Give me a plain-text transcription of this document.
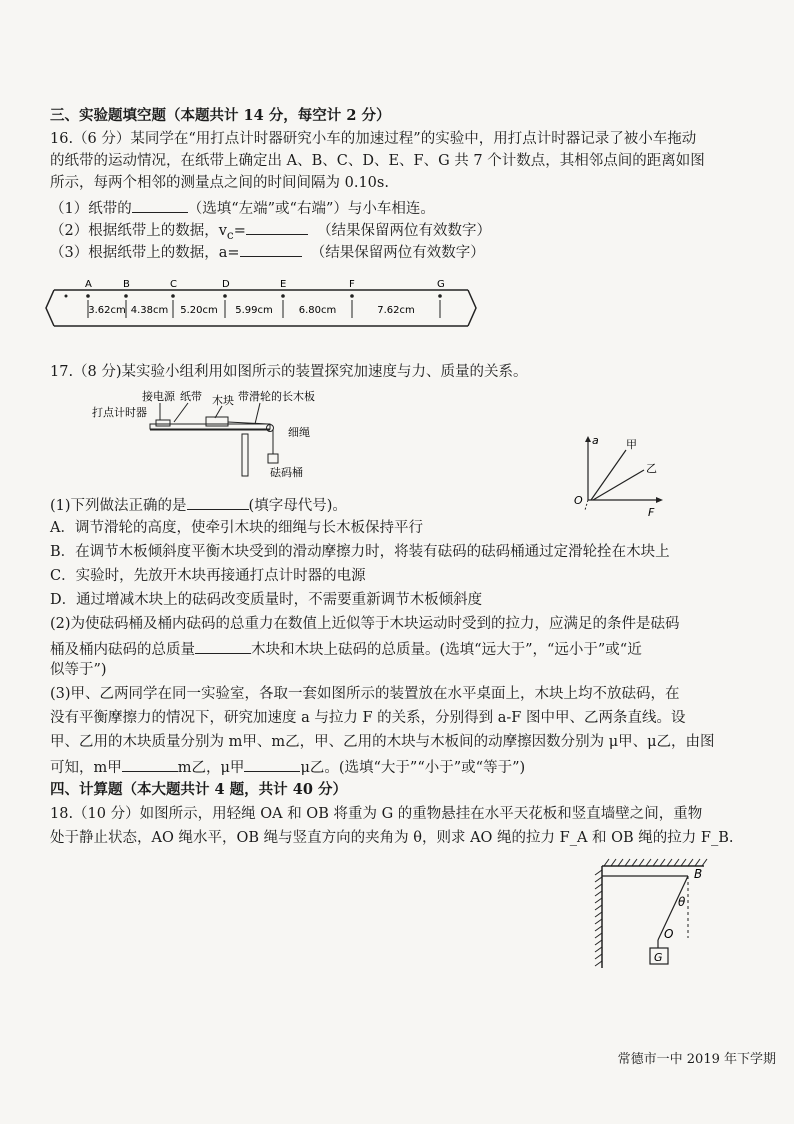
三、实验题填空题（本题共计 14 分，每空计 2 分）
16.（6 分）某同学在“用打点计时器研究小车的加速过程”的实验中，用打点计时器记录了被小车拖动
的纸带的运动情况，在纸带上确定出 A、B、C、D、E、F、G 共 7 个计数点，其相邻点间的距离如图
所示，每两个相邻的测量点之间的时间间隔为 0.10s.
（1）纸带的	（选填“左端”或“右端”）与小车相连。
（2）根据纸带上的数据，$v_c=$	（结果保留两位有效数字）
（3）根据纸带上的数据，a=	（结果保留两位有效数字）
A	B	C	D	E	F	G
3.62cm 4.38cm 5.20cm 5.99cm	6.80cm	7.62cm
17.（8 分)某实验小组利用如图所示的装置探究加速度与力、质量的关系。
接电源 纸带 木块 带滑轮的长木板
打点计时器
细绳
砝码桶
a
F
O
甲
乙
(1)下列做法正确的是	(填字母代号)。
A．调节滑轮的高度，使牵引木块的细绳与长木板保持平行
B．在调节木板倾斜度平衡木块受到的滑动摩擦力时，将装有砝码的砝码桶通过定滑轮拴在木块上
C．实验时，先放开木块再接通打点计时器的电源
D．通过增减木块上的砝码改变质量时，不需要重新调节木板倾斜度
(2)为使砝码桶及桶内砝码的总重力在数值上近似等于木块运动时受到的拉力，应满足的条件是砝码
桶及桶内砝码的总质量	木块和木块上砝码的总质量。(选填“远大于”，“远小于”或“近
似等于”)
(3)甲、乙两同学在同一实验室，各取一套如图所示的装置放在水平桌面上，木块上均不放砝码，在
没有平衡摩擦力的情况下，研究加速度 a 与拉力 F 的关系，分别得到 a-F 图中甲、乙两条直线。设
甲、乙用的木块质量分别为 m甲、m乙，甲、乙用的木块与木板间的动摩擦因数分别为 μ甲、μ乙，由图
可知，m甲	m乙，μ甲	μ乙。(选填“大于”“小于”或“等于”)
四、计算题（本大题共计 4 题，共计 40 分）
18.（10 分）如图所示，用轻绳 OA 和 OB 将重为 G 的重物悬挂在水平天花板和竖直墙壁之间，重物
处于静止状态，AO 绳水平，OB 绳与竖直方向的夹角为 θ，则求 AO 绳的拉力 F_A 和 OB 绳的拉力 F_B.
B
θ
O
G
常德市一中 2019 年下学期
